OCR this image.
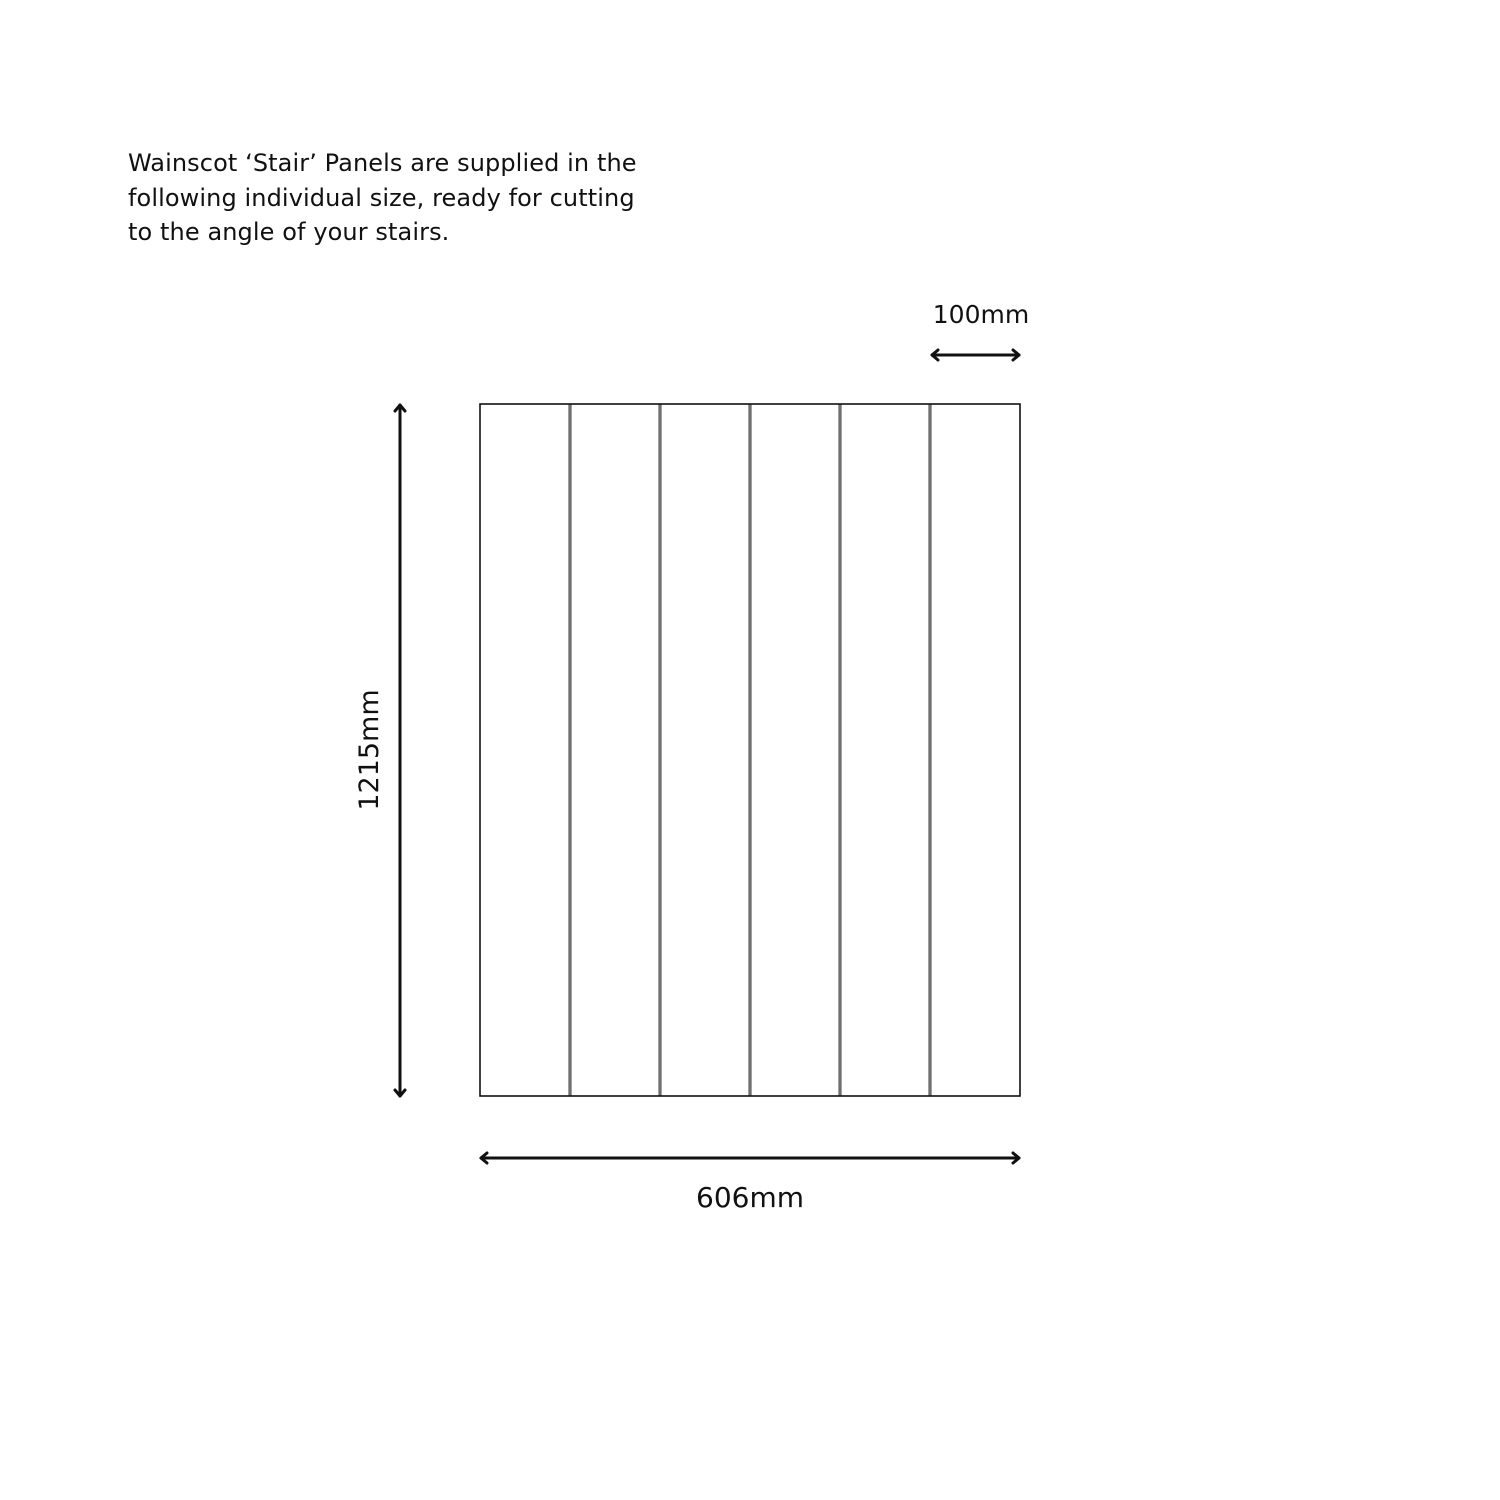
Wainscot ‘Stair’ Panels are supplied in the
following individual size, ready for cutting
to the angle of your stairs.
100mm
1215mm
606mm
